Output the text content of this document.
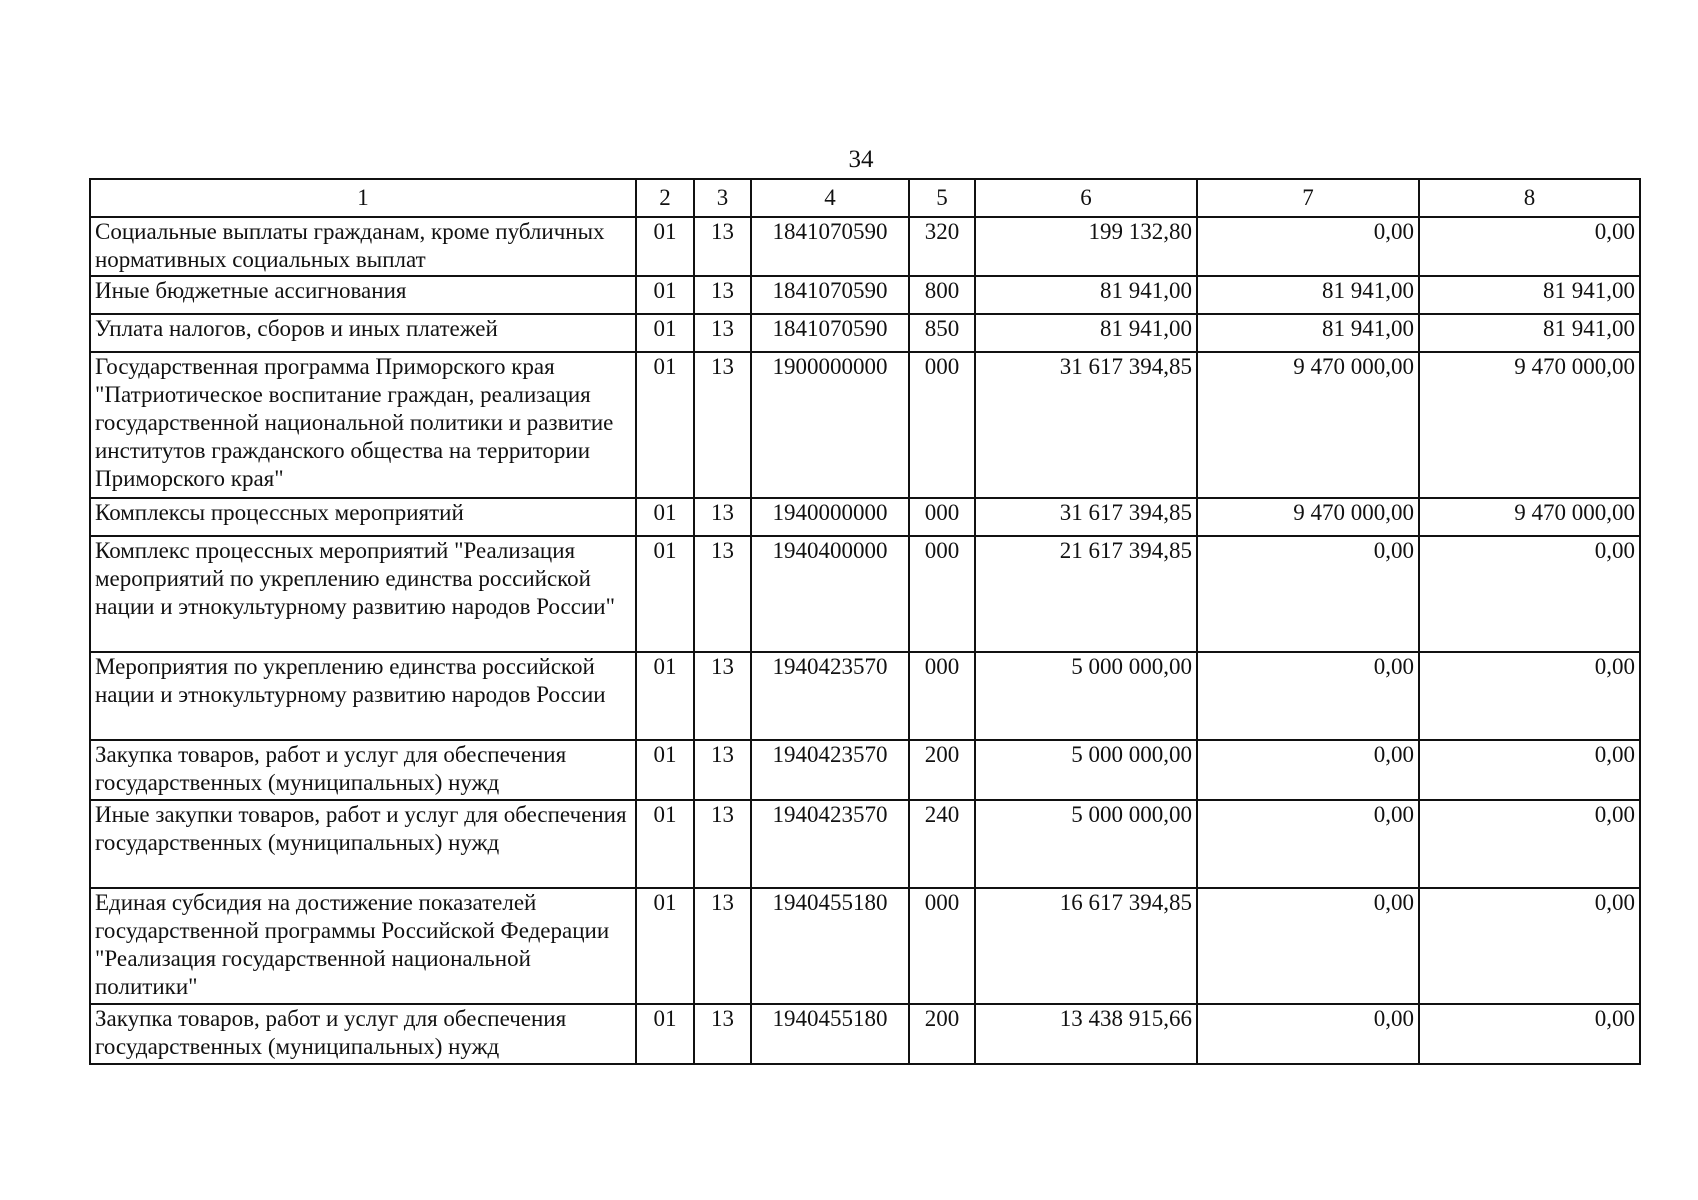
34
1	2	3	4	5	6	7	8
Социальные выплаты гражданам, кроме публичных нормативных социальных выплат	01	13	1841070590	320	199 132,80	0,00	0,00
Иные бюджетные ассигнования	01	13	1841070590	800	81 941,00	81 941,00	81 941,00
Уплата налогов, сборов и иных платежей	01	13	1841070590	850	81 941,00	81 941,00	81 941,00
Государственная программа Приморского края "Патриотическое воспитание граждан, реализация государственной национальной политики и развитие институтов гражданского общества на территории Приморского края"	01	13	1900000000	000	31 617 394,85	9 470 000,00	9 470 000,00
Комплексы процессных мероприятий	01	13	1940000000	000	31 617 394,85	9 470 000,00	9 470 000,00
Комплекс процессных мероприятий "Реализация мероприятий по укреплению единства российской нации и этнокультурному развитию народов России"	01	13	1940400000	000	21 617 394,85	0,00	0,00
Мероприятия по укреплению единства российской нации и этнокультурному развитию народов России	01	13	1940423570	000	5 000 000,00	0,00	0,00
Закупка товаров, работ и услуг для обеспечения государственных (муниципальных) нужд	01	13	1940423570	200	5 000 000,00	0,00	0,00
Иные закупки товаров, работ и услуг для обеспечения государственных (муниципальных) нужд	01	13	1940423570	240	5 000 000,00	0,00	0,00
Единая субсидия на достижение показателей государственной программы Российской Федерации "Реализация государственной национальной политики"	01	13	1940455180	000	16 617 394,85	0,00	0,00
Закупка товаров, работ и услуг для обеспечения государственных (муниципальных) нужд	01	13	1940455180	200	13 438 915,66	0,00	0,00
